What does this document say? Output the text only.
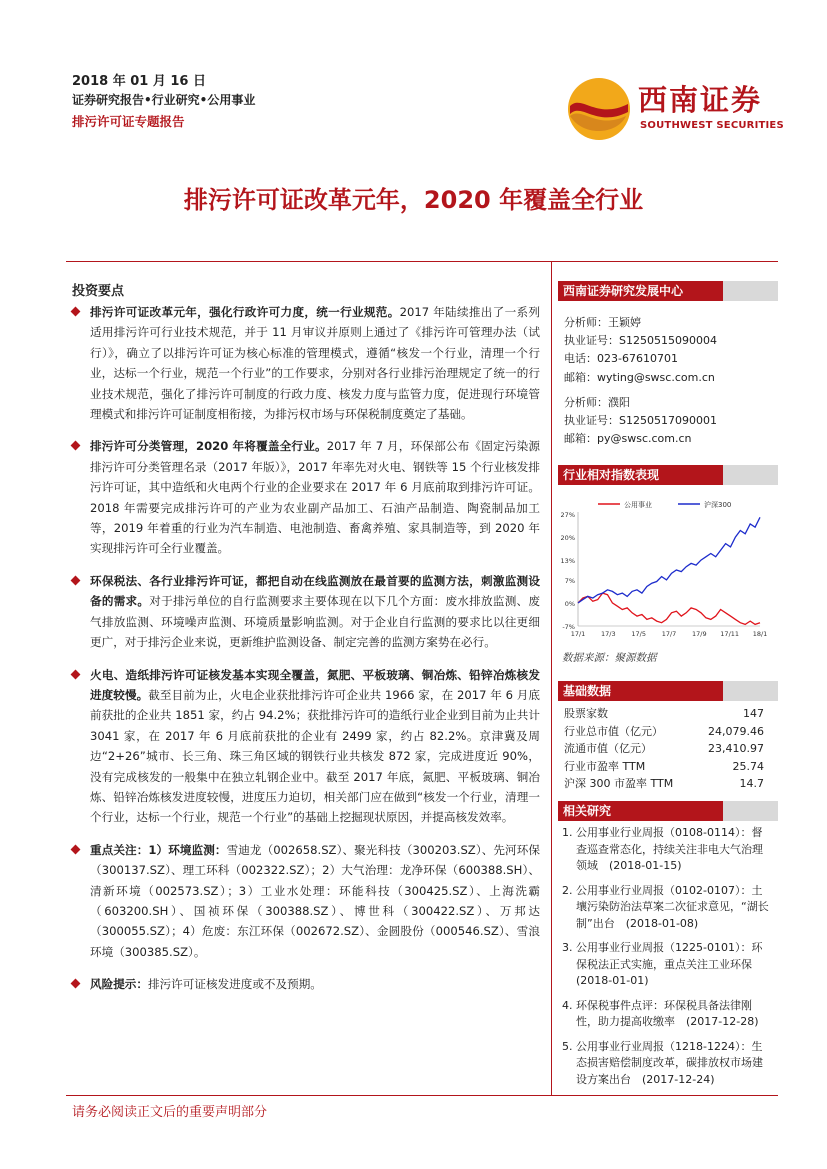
2018 年 01 月 16 日
证券研究报告•行业研究•公用事业
排污许可证专题报告
西南证券
SOUTHWEST SECURITIES
排污许可证改革元年，2020 年覆盖全行业
投资要点
排污许可证改革元年，强化行政许可力度，统一行业规范。2017 年陆续推出了一系列适用排污许可行业技术规范，并于 11 月审议并原则上通过了《排污许可管理办法（试行）》，确立了以排污许可证为核心标准的管理模式，遵循“核发一个行业，清理一个行业，达标一个行业，规范一个行业”的工作要求，分别对各行业排污治理规定了统一的行业技术规范，强化了排污许可制度的行政力度、核发力度与监管力度，促进现行环境管理模式和排污许可证制度相衔接，为排污权市场与环保税制度奠定了基础。
排污许可分类管理，2020 年将覆盖全行业。2017 年 7 月，环保部公布《固定污染源排污许可分类管理名录（2017 年版）》，2017 年率先对火电、钢铁等 15 个行业核发排污许可证，其中造纸和火电两个行业的企业要求在 2017 年 6 月底前取到排污许可证。2018 年需要完成排污许可的产业为农业副产品加工、石油产品制造、陶瓷制品加工等，2019 年着重的行业为汽车制造、电池制造、畜禽养殖、家具制造等，到 2020 年实现排污许可全行业覆盖。
环保税法、各行业排污许可证，都把自动在线监测放在最首要的监测方法，刺激监测设备的需求。对于排污单位的自行监测要求主要体现在以下几个方面：废水排放监测、废气排放监测、环境噪声监测、环境质量影响监测。对于企业自行监测的要求比以往更细更广，对于排污企业来说，更新维护监测设备、制定完善的监测方案势在必行。
火电、造纸排污许可证核发基本实现全覆盖，氮肥、平板玻璃、铜冶炼、铅锌冶炼核发进度较慢。截至目前为止，火电企业获批排污许可企业共 1966 家，在 2017 年 6 月底前获批的企业共 1851 家，约占 94.2%；获批排污许可的造纸行业企业到目前为止共计 3041 家，在 2017 年 6 月底前获批的企业有 2499 家，约占 82.2%。京津冀及周边“2+26”城市、长三角、珠三角区域的钢铁行业共核发 872 家，完成进度近 90%，没有完成核发的一般集中在独立轧钢企业中。截至 2017 年底，氮肥、平板玻璃、铜冶炼、铅锌冶炼核发进度较慢，进度压力迫切，相关部门应在做到“核发一个行业，清理一个行业，达标一个行业，规范一个行业”的基础上挖掘现状原因，并提高核发效率。
重点关注：1）环境监测：雪迪龙（002658.SZ）、聚光科技（300203.SZ）、先河环保（300137.SZ）、理工环科（002322.SZ）；2）大气治理：龙净环保（600388.SH）、清新环境（002573.SZ）；3）工业水处理：环能科技（300425.SZ）、上海洗霸（603200.SH）、国祯环保（300388.SZ）、博世科（300422.SZ）、万邦达（300055.SZ）；4）危废：东江环保（002672.SZ）、金圆股份（000546.SZ）、雪浪环境（300385.SZ）。
风险提示：排污许可证核发进度或不及预期。
西南证券研究发展中心
分析师：王颖婷
执业证号：S1250515090004
电话：023-67610701
邮箱：wyting@swsc.com.cn
分析师：濮阳
执业证号：S1250517090001
邮箱：py@swsc.com.cn
行业相对指数表现
27%
20%
13%
7%
0%
-7%
17/1 17/3 17/5 17/7 17/9 17/11 18/1
公用事业	沪深300
数据来源：聚源数据
基础数据
股票家数	147
行业总市值（亿元）	24,079.46
流通市值（亿元）	23,410.97
行业市盈率 TTM	25.74
沪深 300 市盈率 TTM	14.7
相关研究
1. 公用事业行业周报（0108-0114）：督查巡查常态化，持续关注非电大气治理领域　(2018-01-15)
2. 公用事业行业周报（0102-0107）：土壤污染防治法草案二次征求意见，“湖长制”出台　(2018-01-08)
3. 公用事业行业周报（1225-0101）：环保税法正式实施，重点关注工业环保　(2018-01-01)
4. 环保税事件点评：环保税具备法律刚性，助力提高收缴率　(2017-12-28)
5. 公用事业行业周报（1218-1224）：生态损害赔偿制度改革，碳排放权市场建设方案出台　(2017-12-24)
请务必阅读正文后的重要声明部分
